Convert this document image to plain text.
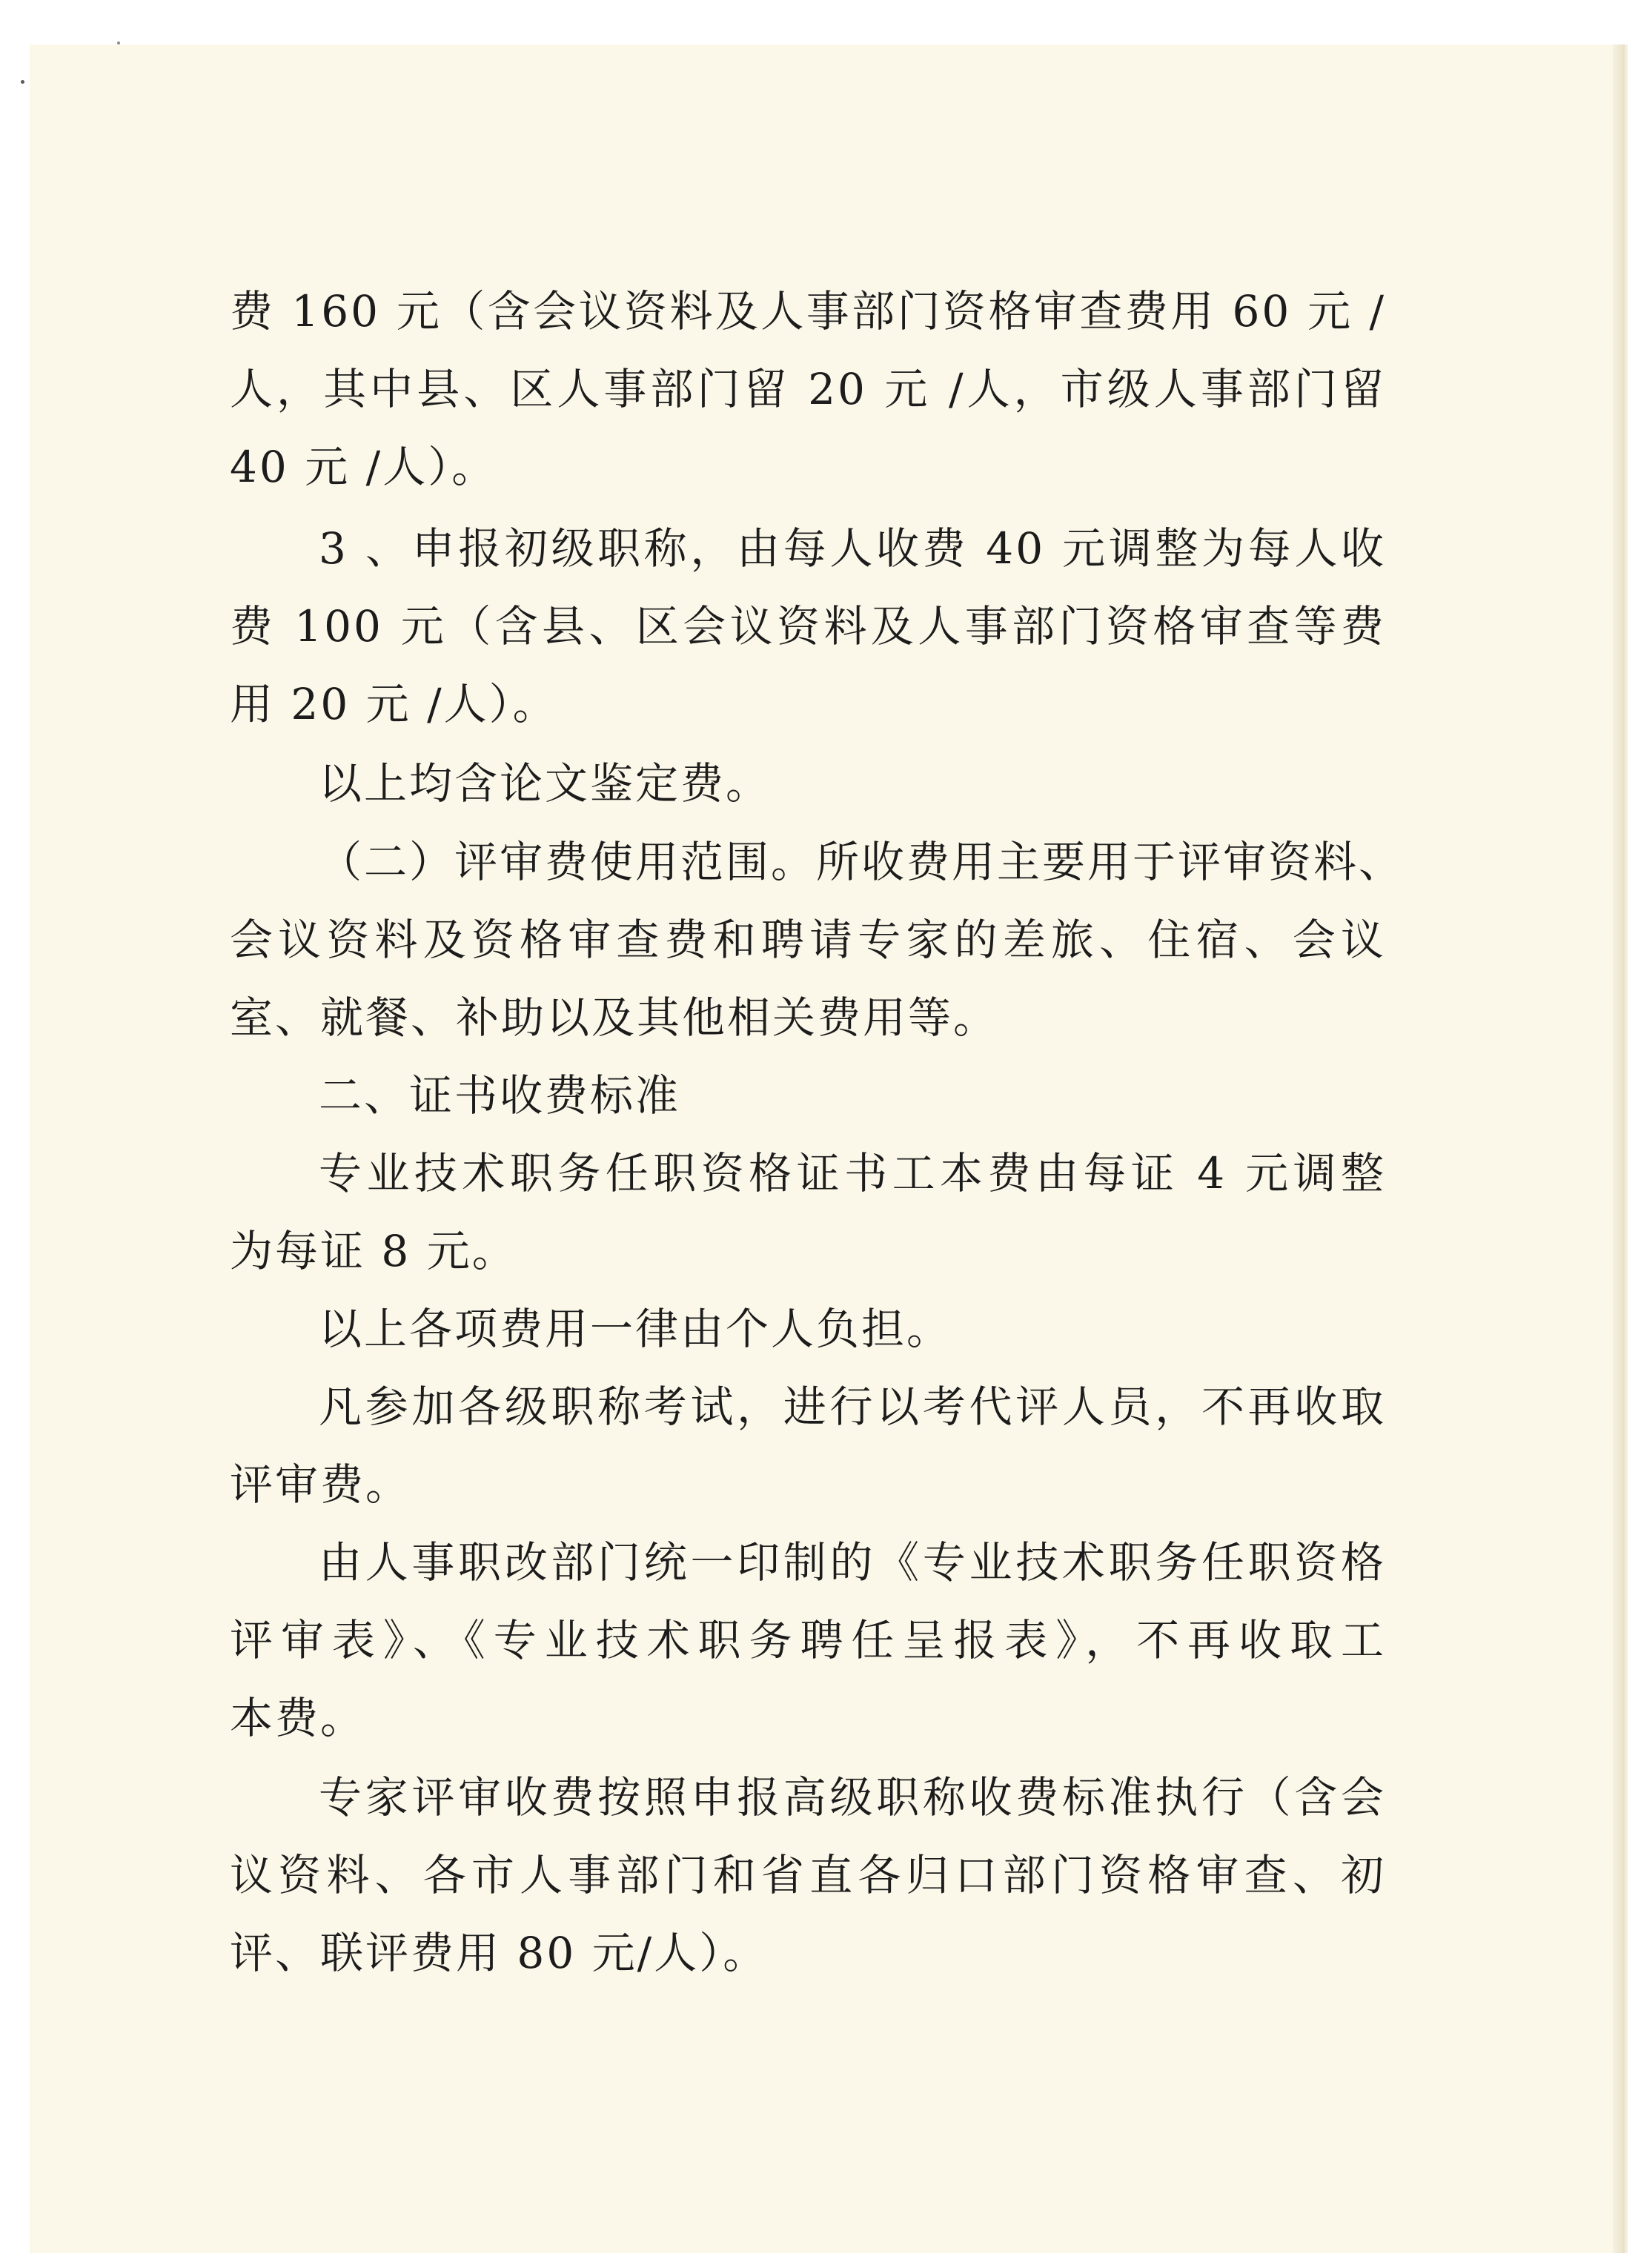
费 160 元（含会议资料及人事部门资格审查费用 60 元 /
人，其中县、区人事部门留 20 元 /人，市级人事部门留
40 元 /人）。
3 、申报初级职称，由每人收费 40 元调整为每人收
费 100 元（含县、区会议资料及人事部门资格审查等费
用 20 元 /人）。
以上均含论文鉴定费。
（二）评审费使用范围。所收费用主要用于评审资料、
会议资料及资格审查费和聘请专家的差旅、住宿、会议
室、就餐、补助以及其他相关费用等。
二、证书收费标准
专业技术职务任职资格证书工本费由每证 4 元调整
为每证 8 元。
以上各项费用一律由个人负担。
凡参加各级职称考试，进行以考代评人员，不再收取
评审费。
由人事职改部门统一印制的《专业技术职务任职资格
评审表》、《专业技术职务聘任呈报表》，不再收取工
本费。
专家评审收费按照申报高级职称收费标准执行（含会
议资料、各市人事部门和省直各归口部门资格审查、初
评、联评费用 80 元/人）。
